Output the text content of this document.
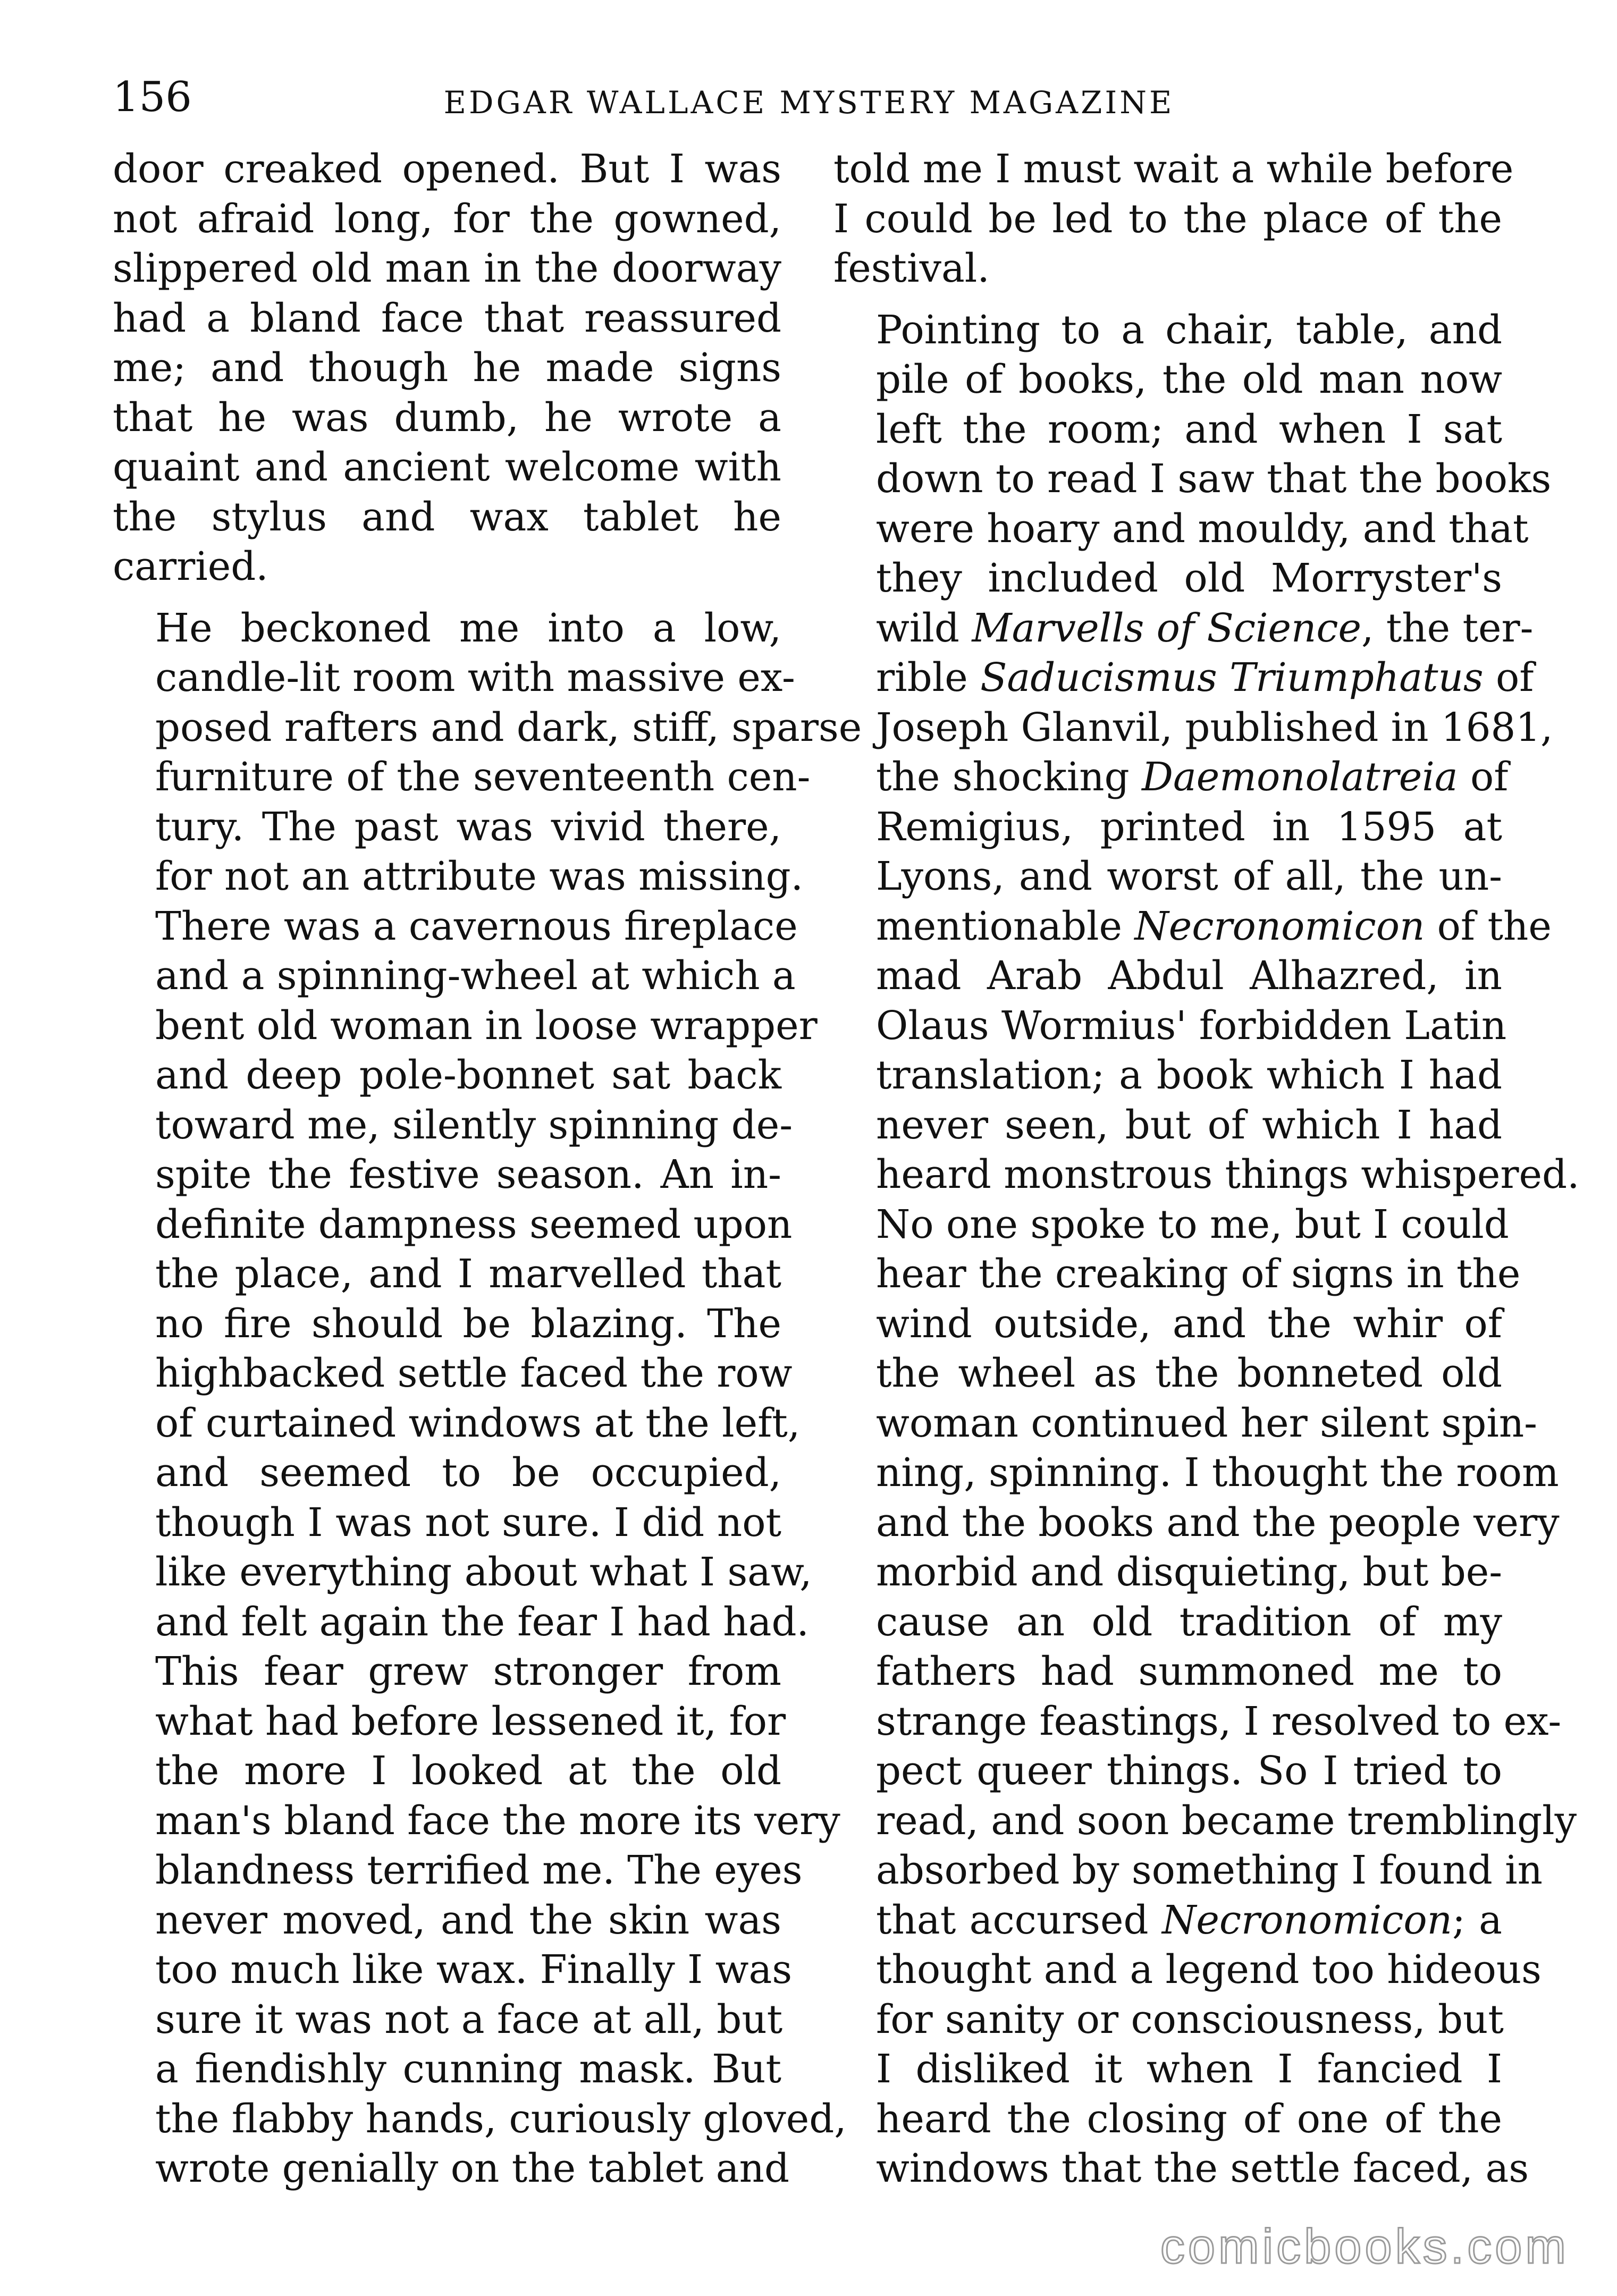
156	EDGAR WALLACE MYSTERY MAGAZINE
door creaked opened. But I was
not afraid long, for the gowned,
slippered old man in the doorway
had a bland face that reassured
me; and though he made signs
that he was dumb, he wrote a
quaint and ancient welcome with
the stylus and wax tablet he
carried.
He beckoned me into a low,
candle-lit room with massive ex-
posed rafters and dark, stiff, sparse
furniture of the seventeenth cen-
tury. The past was vivid there,
for not an attribute was missing.
There was a cavernous fireplace
and a spinning-wheel at which a
bent old woman in loose wrapper
and deep pole-bonnet sat back
toward me, silently spinning de-
spite the festive season. An in-
definite dampness seemed upon
the place, and I marvelled that
no fire should be blazing. The
highbacked settle faced the row
of curtained windows at the left,
and seemed to be occupied,
though I was not sure. I did not
like everything about what I saw,
and felt again the fear I had had.
This fear grew stronger from
what had before lessened it, for
the more I looked at the old
man's bland face the more its very
blandness terrified me. The eyes
never moved, and the skin was
too much like wax. Finally I was
sure it was not a face at all, but
a fiendishly cunning mask. But
the flabby hands, curiously gloved,
wrote genially on the tablet and
told me I must wait a while before
I could be led to the place of the
festival.
Pointing to a chair, table, and
pile of books, the old man now
left the room; and when I sat
down to read I saw that the books
were hoary and mouldy, and that
they included old Morryster's
wild Marvells of Science, the ter-
rible Saducismus Triumphatus of
Joseph Glanvil, published in 1681,
the shocking Daemonolatreia of
Remigius, printed in 1595 at
Lyons, and worst of all, the un-
mentionable Necronomicon of the
mad Arab Abdul Alhazred, in
Olaus Wormius' forbidden Latin
translation; a book which I had
never seen, but of which I had
heard monstrous things whispered.
No one spoke to me, but I could
hear the creaking of signs in the
wind outside, and the whir of
the wheel as the bonneted old
woman continued her silent spin-
ning, spinning. I thought the room
and the books and the people very
morbid and disquieting, but be-
cause an old tradition of my
fathers had summoned me to
strange feastings, I resolved to ex-
pect queer things. So I tried to
read, and soon became tremblingly
absorbed by something I found in
that accursed Necronomicon; a
thought and a legend too hideous
for sanity or consciousness, but
I disliked it when I fancied I
heard the closing of one of the
windows that the settle faced, as
comicbooks.com
